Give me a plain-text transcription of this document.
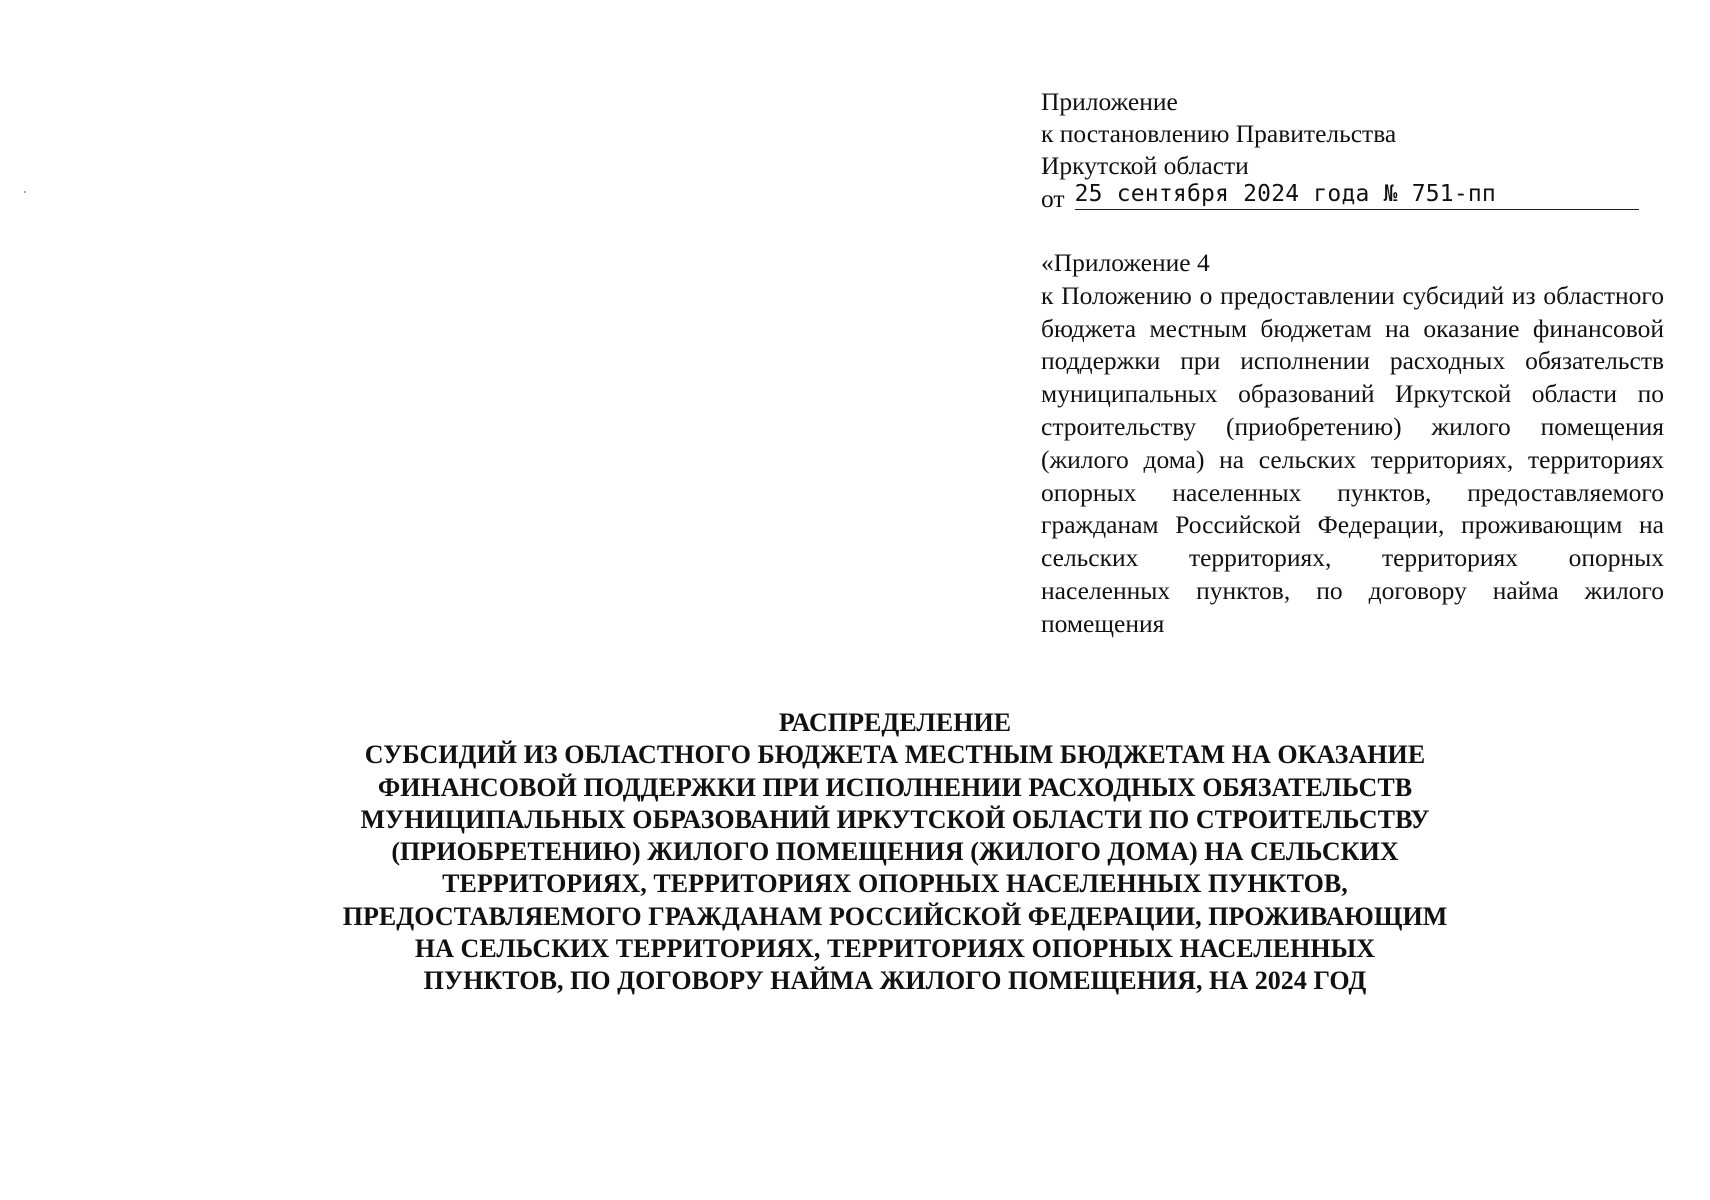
Приложение
к постановлению Правительства
Иркутской области
от 25 сентября 2024 года № 751-пп
«Приложение 4
к Положению о предоставлении субсидий из областного бюджета местным бюджетам на оказание финансовой поддержки при исполнении расходных обязательств муниципальных образований Иркутской области по строительству (приобретению) жилого помещения (жилого дома) на сельских территориях, территориях опорных населенных пунктов, предоставляемого гражданам Российской Федерации, проживающим на сельских территориях, территориях опорных населенных пунктов, по договору найма жилого помещения
РАСПРЕДЕЛЕНИЕ
СУБСИДИЙ ИЗ ОБЛАСТНОГО БЮДЖЕТА МЕСТНЫМ БЮДЖЕТАМ НА ОКАЗАНИЕ
ФИНАНСОВОЙ ПОДДЕРЖКИ ПРИ ИСПОЛНЕНИИ РАСХОДНЫХ ОБЯЗАТЕЛЬСТВ
МУНИЦИПАЛЬНЫХ ОБРАЗОВАНИЙ ИРКУТСКОЙ ОБЛАСТИ ПО СТРОИТЕЛЬСТВУ
(ПРИОБРЕТЕНИЮ) ЖИЛОГО ПОМЕЩЕНИЯ (ЖИЛОГО ДОМА) НА СЕЛЬСКИХ
ТЕРРИТОРИЯХ, ТЕРРИТОРИЯХ ОПОРНЫХ НАСЕЛЕННЫХ ПУНКТОВ,
ПРЕДОСТАВЛЯЕМОГО ГРАЖДАНАМ РОССИЙСКОЙ ФЕДЕРАЦИИ, ПРОЖИВАЮЩИМ
НА СЕЛЬСКИХ ТЕРРИТОРИЯХ, ТЕРРИТОРИЯХ ОПОРНЫХ НАСЕЛЕННЫХ
ПУНКТОВ, ПО ДОГОВОРУ НАЙМА ЖИЛОГО ПОМЕЩЕНИЯ, НА 2024 ГОД
